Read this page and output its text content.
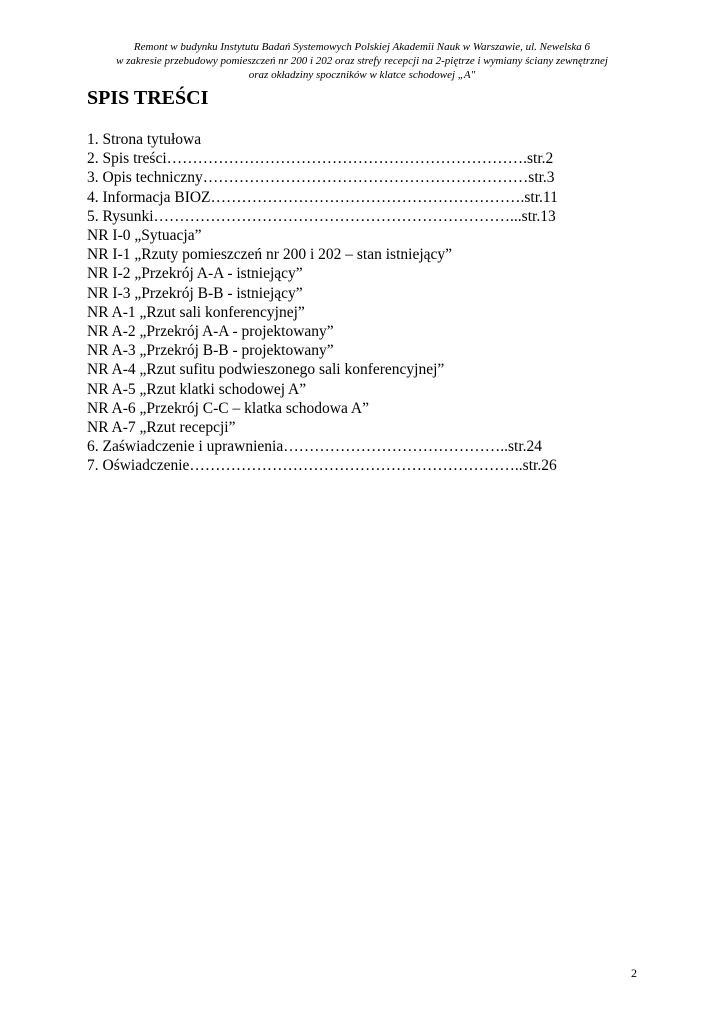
Remont w budynku Instytutu Badań Systemowych Polskiej Akademii Nauk w Warszawie, ul. Newelska 6
w zakresie przebudowy pomieszczeń nr 200 i 202 oraz strefy recepcji na 2-piętrze i wymiany ściany zewnętrznej
oraz okładziny spoczników w klatce schodowej „A"
SPIS TREŚCI
1. Strona tytułowa
2. Spis treści…………………………………………………………….str.2
3. Opis techniczny………………………………………………………str.3
4. Informacja BIOZ…………………………………………………….str.11
5. Rysunki……………………………………………………………...str.13
NR I-0 „Sytuacja”
NR I-1 „Rzuty pomieszczeń nr 200 i 202 – stan istniejący”
NR I-2 „Przekrój A-A - istniejący”
NR I-3 „Przekrój B-B - istniejący”
NR A-1 „Rzut sali konferencyjnej”
NR A-2 „Przekrój A-A - projektowany”
NR A-3 „Przekrój B-B - projektowany”
NR A-4 „Rzut sufitu podwieszonego sali konferencyjnej”
NR A-5 „Rzut klatki schodowej A”
NR A-6 „Przekrój C-C – klatka schodowa A”
NR A-7 „Rzut recepcji”
6. Zaświadczenie i uprawnienia……………………………………..str.24
7. Oświadczenie………………………………………………………..str.26
2
